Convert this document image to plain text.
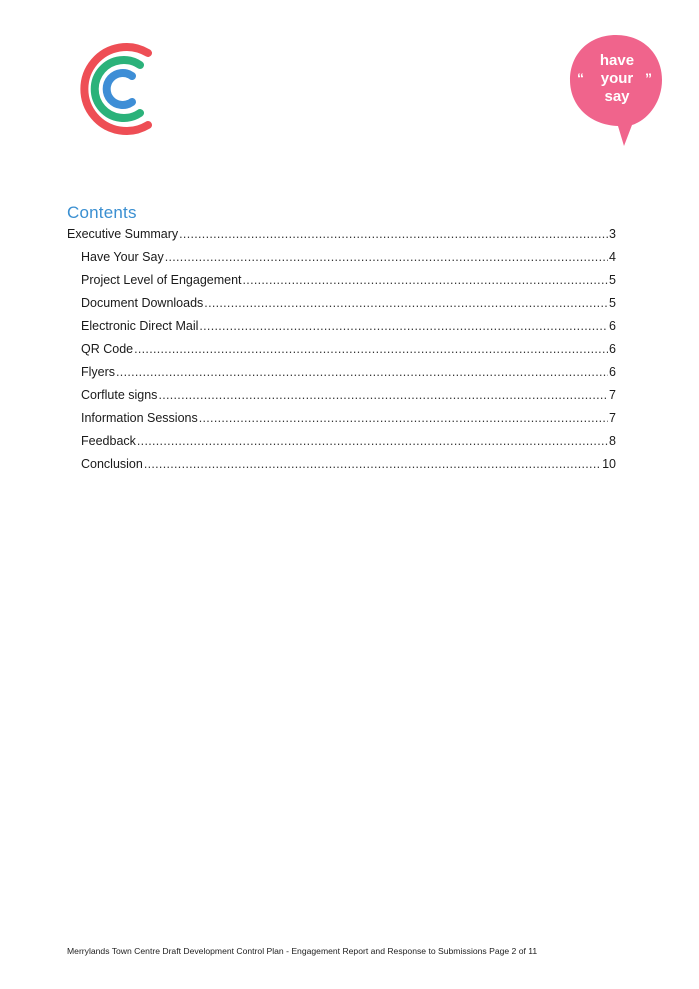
“	”
have
your
say
Contents
Executive Summary .....	3
Have Your Say .....	4
Project Level of Engagement .....	5
Document Downloads .....	5
Electronic Direct Mail .....	6
QR Code .....	6
Flyers .....	6
Corflute signs .....	7
Information Sessions .....	7
Feedback .....	8
Conclusion .....	10
Merrylands Town Centre Draft Development Control Plan - Engagement Report and Response to Submissions Page 2 of 11
